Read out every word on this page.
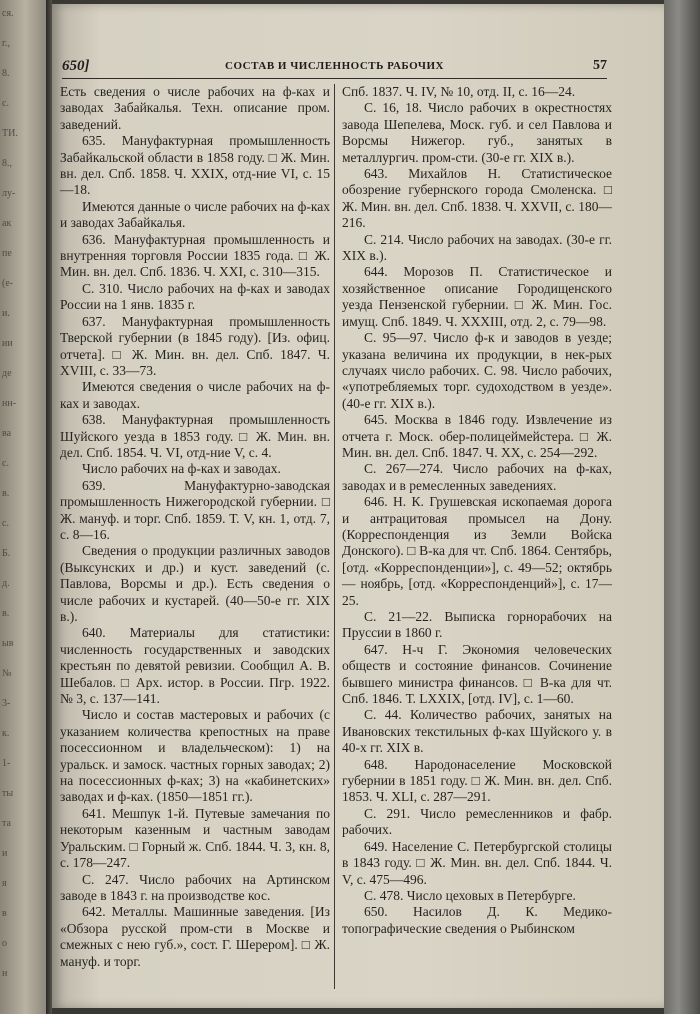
ся.
г.,
8.
с.
ТИ.
8.,
лу-
ак
пе
(е-
и.
ии
де
нн-
ва
с.
в.
с.
Б.
д.
в.
ыв
№
3-
к.
1-
ты
та
и
я
в
о
н
650]	СОСТАВ И ЧИСЛЕННОСТЬ РАБОЧИХ	57

Есть сведения о числе рабочих на ф-ках и заводах Забайкалья. Техн. описание пром. заведений.

635. Мануфактурная промышленность Забайкальской области в 1858 году. □ Ж. Мин. вн. дел. Спб. 1858. Ч. XXIX, отд-ние VI, с. 15—18.

Имеются данные о числе рабочих на ф-ках и заводах Забайкалья.

636. Мануфактурная промышленность и внутренняя торговля России 1835 года. □ Ж. Мин. вн. дел. Спб. 1836. Ч. XXI, с. 310—315.

С. 310. Число рабочих на ф-ках и заводах России на 1 янв. 1835 г.

637. Мануфактурная промышленность Тверской губернии (в 1845 году). [Из. офиц. отчета]. □ Ж. Мин. вн. дел. Спб. 1847. Ч. XVIII, с. 33—73.

Имеются сведения о числе рабочих на ф-ках и заводах.

638. Мануфактурная промышленность Шуйского уезда в 1853 году. □ Ж. Мин. вн. дел. Спб. 1854. Ч. VI, отд-ние V, с. 4.

Число рабочих на ф-ках и заводах.

639. Мануфактурно-заводская промышленность Нижегородской губернии. □ Ж. мануф. и торг. Спб. 1859. Т. V, кн. 1, отд. 7, с. 8—16.

Сведения о продукции различных заводов (Выксунских и др.) и куст. заведений (с. Павлова, Ворсмы и др.). Есть сведения о числе рабочих и кустарей. (40—50-е гг. XIX в.).

640. Материалы для статистики: численность государственных и заводских крестьян по девятой ревизии. Сообщил А. В. Шебалов. □ Арх. истор. в России. Пгр. 1922. № 3, с. 137—141.

Число и состав мастеровых и рабочих (с указанием количества крепостных на праве посессионном и владельческом): 1) на уральск. и замоск. частных горных заводах; 2) на посессионных ф-ках; 3) на «кабинетских» заводах и ф-ках. (1850—1851 гг.).

641. Мешпук 1-й. Путевые замечания по некоторым казенным и частным заводам Уральским. □ Горный ж. Спб. 1844. Ч. 3, кн. 8, с. 178—247.

С. 247. Число рабочих на Артинском заводе в 1843 г. на производстве кос.

642. Металлы. Машинные заведения. [Из «Обзора русской пром-сти в Москве и смежных с нею губ.», сост. Г. Шерером]. □ Ж. мануф. и торг.

Спб. 1837. Ч. IV, № 10, отд. II, с. 16—24.

С. 16, 18. Число рабочих в окрестностях завода Шепелева, Моск. губ. и сел Павлова и Ворсмы Нижегор. губ., занятых в металлургич. пром-сти. (30-е гг. XIX в.).

643. Михайлов Н. Статистическое обозрение губернского города Смоленска. □ Ж. Мин. вн. дел. Спб. 1838. Ч. XXVII, с. 180—216.

С. 214. Число рабочих на заводах. (30-е гг. XIX в.).

644. Морозов П. Статистическое и хозяйственное описание Городищенского уезда Пензенской губернии. □ Ж. Мин. Гос. имущ. Спб. 1849. Ч. XXXIII, отд. 2, с. 79—98.

С. 95—97. Число ф-к и заводов в уезде; указана величина их продукции, в нек-рых случаях число рабочих. С. 98. Число рабочих, «употребляемых торг. судоходством в уезде». (40-е гг. XIX в.).

645. Москва в 1846 году. Извлечение из отчета г. Моск. обер-полицеймейстера. □ Ж. Мин. вн. дел. Спб. 1847. Ч. XX, с. 254—292.

С. 267—274. Число рабочих на ф-ках, заводах и в ремесленных заведениях.

646. Н. К. Грушевская ископаемая дорога и антрацитовая промысел на Дону. (Корреспонденция из Земли Войска Донского). □ В-ка для чт. Спб. 1864. Сентябрь, [отд. «Корреспонденции»], с. 49—52; октябрь — ноябрь, [отд. «Корреспонденций»], с. 17—25.

С. 21—22. Выписка горнорабочих на Пруссии в 1860 г.

647. Н-ч Г. Экономия человеческих обществ и состояние финансов. Сочинение бывшего министра финансов. □ В-ка для чт. Спб. 1846. Т. LXXIX, [отд. IV], с. 1—60.

С. 44. Количество рабочих, занятых на Ивановских текстильных ф-ках Шуйского у. в 40-х гг. XIX в.

648. Народонаселение Московской губернии в 1851 году. □ Ж. Мин. вн. дел. Спб. 1853. Ч. XLI, с. 287—291.

С. 291. Число ремесленников и фабр. рабочих.

649. Население С. Петербургской столицы в 1843 году. □ Ж. Мин. вн. дел. Спб. 1844. Ч. V, с. 475—496.

С. 478. Число цеховых в Петербурге.

650. Насилов Д. К. Медико-топографические сведения о Рыбинском
